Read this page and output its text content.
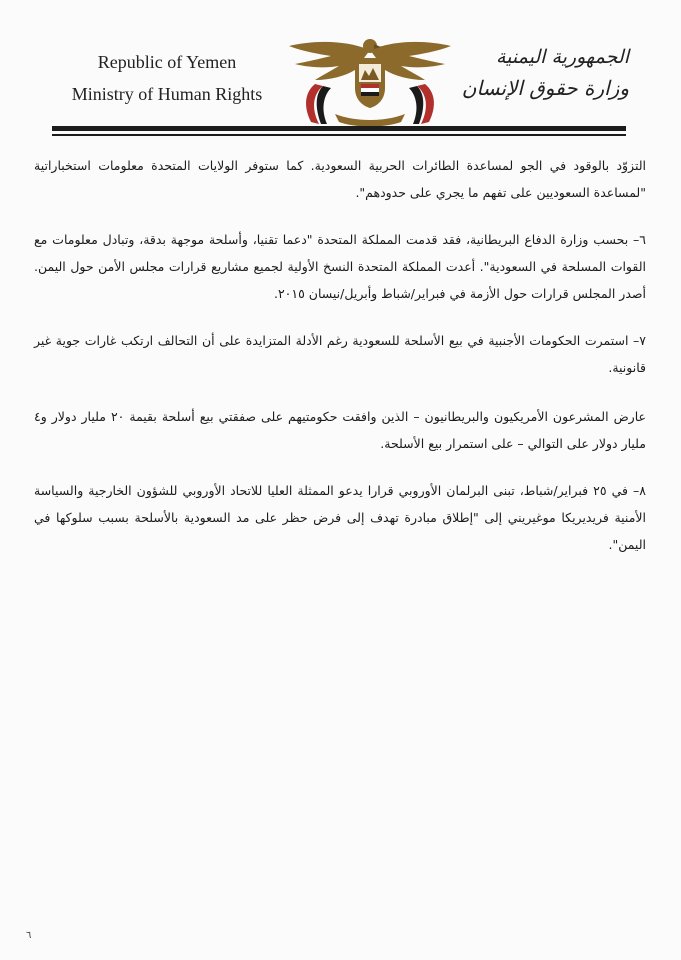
Republic of Yemen
Ministry of Human Rights
الجمهورية اليمنية
وزارة حقوق الإنسان

التزوّد بالوقود في الجو لمساعدة الطائرات الحربية السعودية. كما ستوفر الولايات المتحدة معلومات استخباراتية "لمساعدة السعوديين على تفهم ما يجري على حدودهم".

٦– بحسب وزارة الدفاع البريطانية، فقد قدمت المملكة المتحدة "دعما تقنيا، وأسلحة موجهة بدقة، وتبادل معلومات مع القوات المسلحة في السعودية". أعدت المملكة المتحدة النسخ الأولية لجميع مشاريع قرارات مجلس الأمن حول اليمن. أصدر المجلس قرارات حول الأزمة في فبراير/شباط وأبريل/نيسان ٢٠١٥.

٧– استمرت الحكومات الأجنبية في بيع الأسلحة للسعودية رغم الأدلة المتزايدة على أن التحالف ارتكب غارات جوية غير قانونية.

عارض المشرعون الأمريكيون والبريطانيون – الذين وافقت حكومتيهم على صفقتي بيع أسلحة بقيمة ٢٠ مليار دولار و٤ مليار دولار على التوالي – على استمرار بيع الأسلحة.

٨– في ٢٥ فبراير/شباط، تبنى البرلمان الأوروبي قرارا يدعو الممثلة العليا للاتحاد الأوروبي للشؤون الخارجية والسياسة الأمنية فريديريكا موغيريني إلى "إطلاق مبادرة تهدف إلى فرض حظر على مد السعودية بالأسلحة بسبب سلوكها في اليمن".

٦
